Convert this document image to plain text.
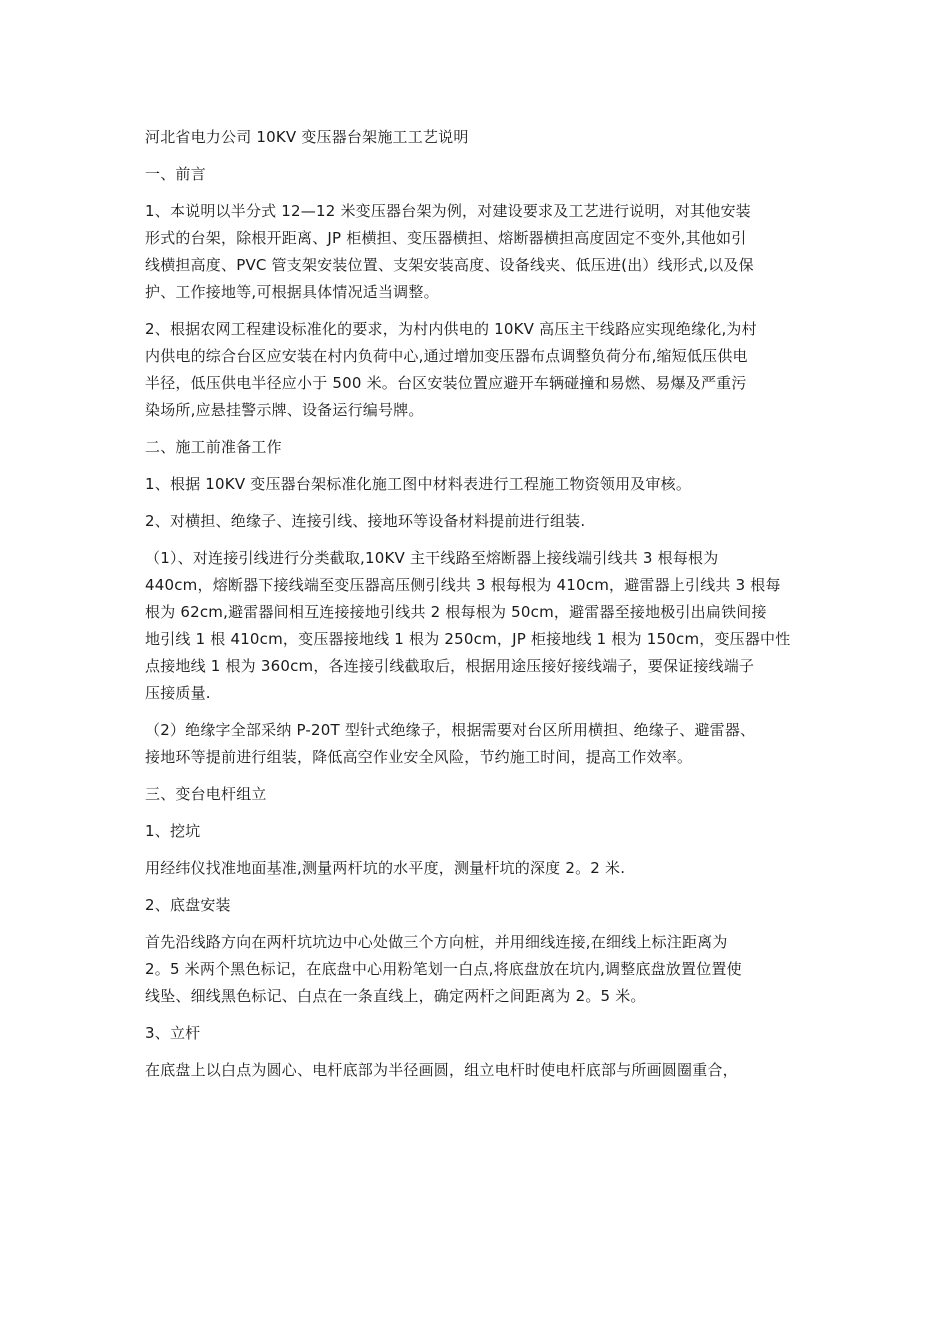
河北省电力公司 10KV 变压器台架施工工艺说明
一、前言
1、本说明以半分式 12—12 米变压器台架为例，对建设要求及工艺进行说明，对其他安装
形式的台架，除根开距离、JP 柜横担、变压器横担、熔断器横担高度固定不变外,其他如引
线横担高度、PVC 管支架安装位置、支架安装高度、设备线夹、低压进(出）线形式,以及保
护、工作接地等,可根据具体情况适当调整。
2、根据农网工程建设标准化的要求，为村内供电的 10KV 高压主干线路应实现绝缘化,为村
内供电的综合台区应安装在村内负荷中心,通过增加变压器布点调整负荷分布,缩短低压供电
半径，低压供电半径应小于 500 米。台区安装位置应避开车辆碰撞和易燃、易爆及严重污
染场所,应悬挂警示牌、设备运行编号牌。
二、施工前准备工作
1、根据 10KV 变压器台架标准化施工图中材料表进行工程施工物资领用及审核。
2、对横担、绝缘子、连接引线、接地环等设备材料提前进行组装.
（1）、对连接引线进行分类截取,10KV 主干线路至熔断器上接线端引线共 3 根每根为
440cm，熔断器下接线端至变压器高压侧引线共 3 根每根为 410cm，避雷器上引线共 3 根每
根为 62cm,避雷器间相互连接接地引线共 2 根每根为 50cm，避雷器至接地极引出扁铁间接
地引线 1 根 410cm，变压器接地线 1 根为 250cm，JP 柜接地线 1 根为 150cm，变压器中性
点接地线 1 根为 360cm，各连接引线截取后，根据用途压接好接线端子，要保证接线端子
压接质量.
（2）绝缘字全部采纳 P-20T 型针式绝缘子，根据需要对台区所用横担、绝缘子、避雷器、
接地环等提前进行组装，降低高空作业安全风险，节约施工时间，提高工作效率。
三、变台电杆组立
1、挖坑
用经纬仪找准地面基准,测量两杆坑的水平度，测量杆坑的深度 2。2 米.
2、底盘安装
首先沿线路方向在两杆坑坑边中心处做三个方向桩，并用细线连接,在细线上标注距离为
2。5 米两个黑色标记，在底盘中心用粉笔划一白点,将底盘放在坑内,调整底盘放置位置使
线坠、细线黑色标记、白点在一条直线上，确定两杆之间距离为 2。5 米。
3、立杆
在底盘上以白点为圆心、电杆底部为半径画圆，组立电杆时使电杆底部与所画圆圈重合，
